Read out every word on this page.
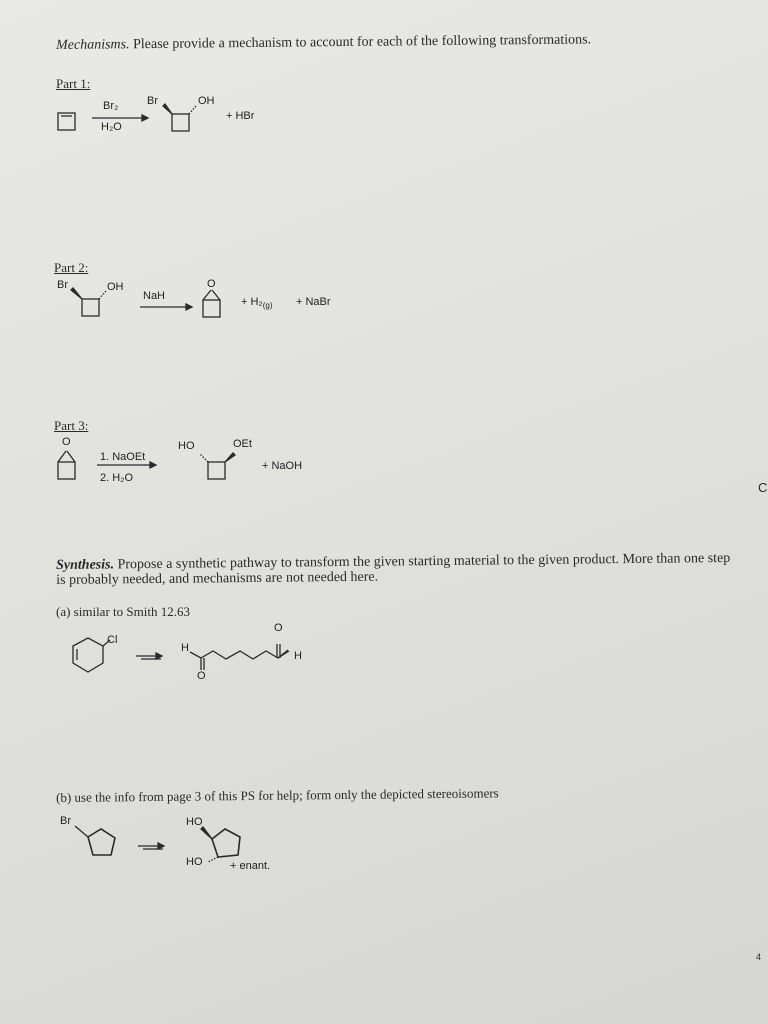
Mechanisms. Please provide a mechanism to account for each of the following transformations.
Part 1:
Br₂
H₂O
Br	OH
+ HBr
Part 2:
Br	OH
NaH
O
+ $H_2_{(g)}$ + NaBr
Part 3:
O
1. NaOEt
2. H₂O
HO	OEt
+ NaOH
Synthesis. Propose a synthetic pathway to transform the given starting material to the given product. More than one step is probably needed, and mechanisms are not needed here.
(a) similar to Smith 12.63
Cl
H
O
O
H
(b) use the info from page 3 of this PS for help; form only the depicted stereoisomers
Br	HO
HO	+ enant.
4
C
